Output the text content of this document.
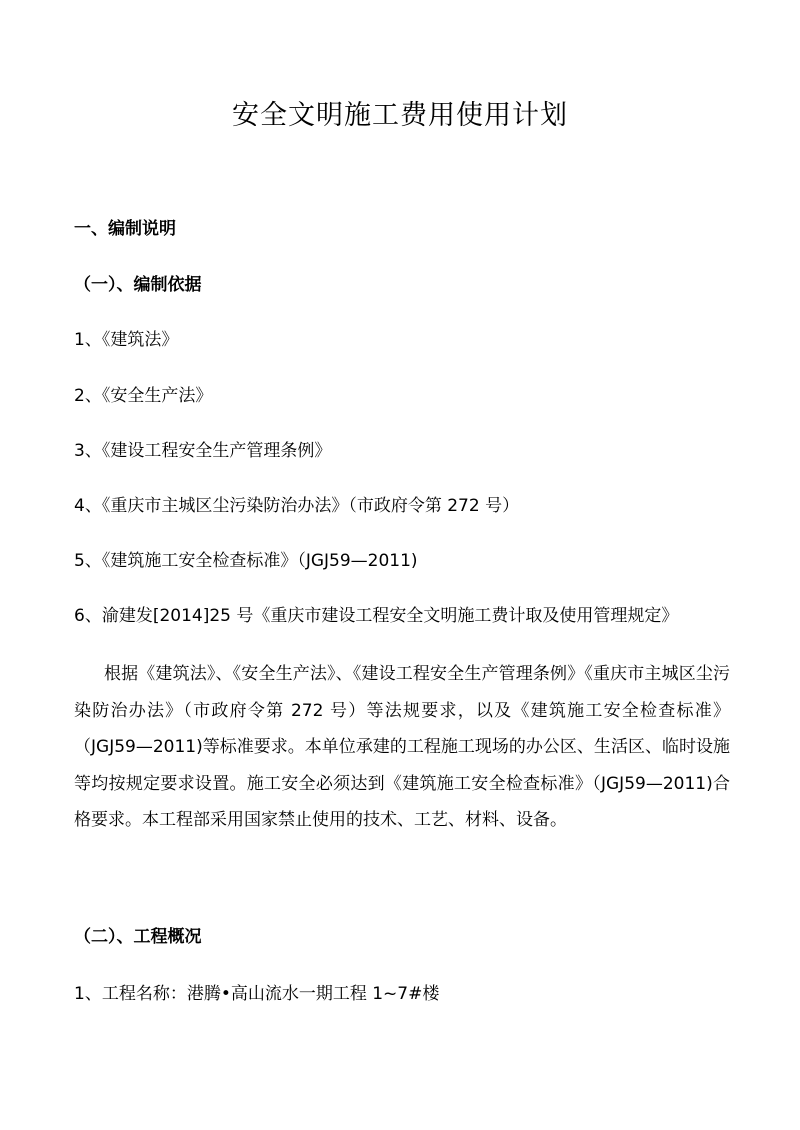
安全文明施工费用使用计划
一、编制说明
（一）、编制依据
1、《建筑法》
2、《安全生产法》
3、《建设工程安全生产管理条例》
4、《重庆市主城区尘污染防治办法》（市政府令第 272 号）
5、《建筑施工安全检查标准》（JGJ59—2011)
6、渝建发[2014]25 号《重庆市建设工程安全文明施工费计取及使用管理规定》
根据《建筑法》、《安全生产法》、《建设工程安全生产管理条例》《重庆市主城区尘污染防治办法》（市政府令第 272 号）等法规要求，以及《建筑施工安全检查标准》（JGJ59—2011)等标准要求。本单位承建的工程施工现场的办公区、生活区、临时设施等均按规定要求设置。施工安全必须达到《建筑施工安全检查标准》（JGJ59—2011)合格要求。本工程部采用国家禁止使用的技术、工艺、材料、设备。
（二）、工程概况
1、工程名称：港腾•高山流水一期工程 1~7#楼
